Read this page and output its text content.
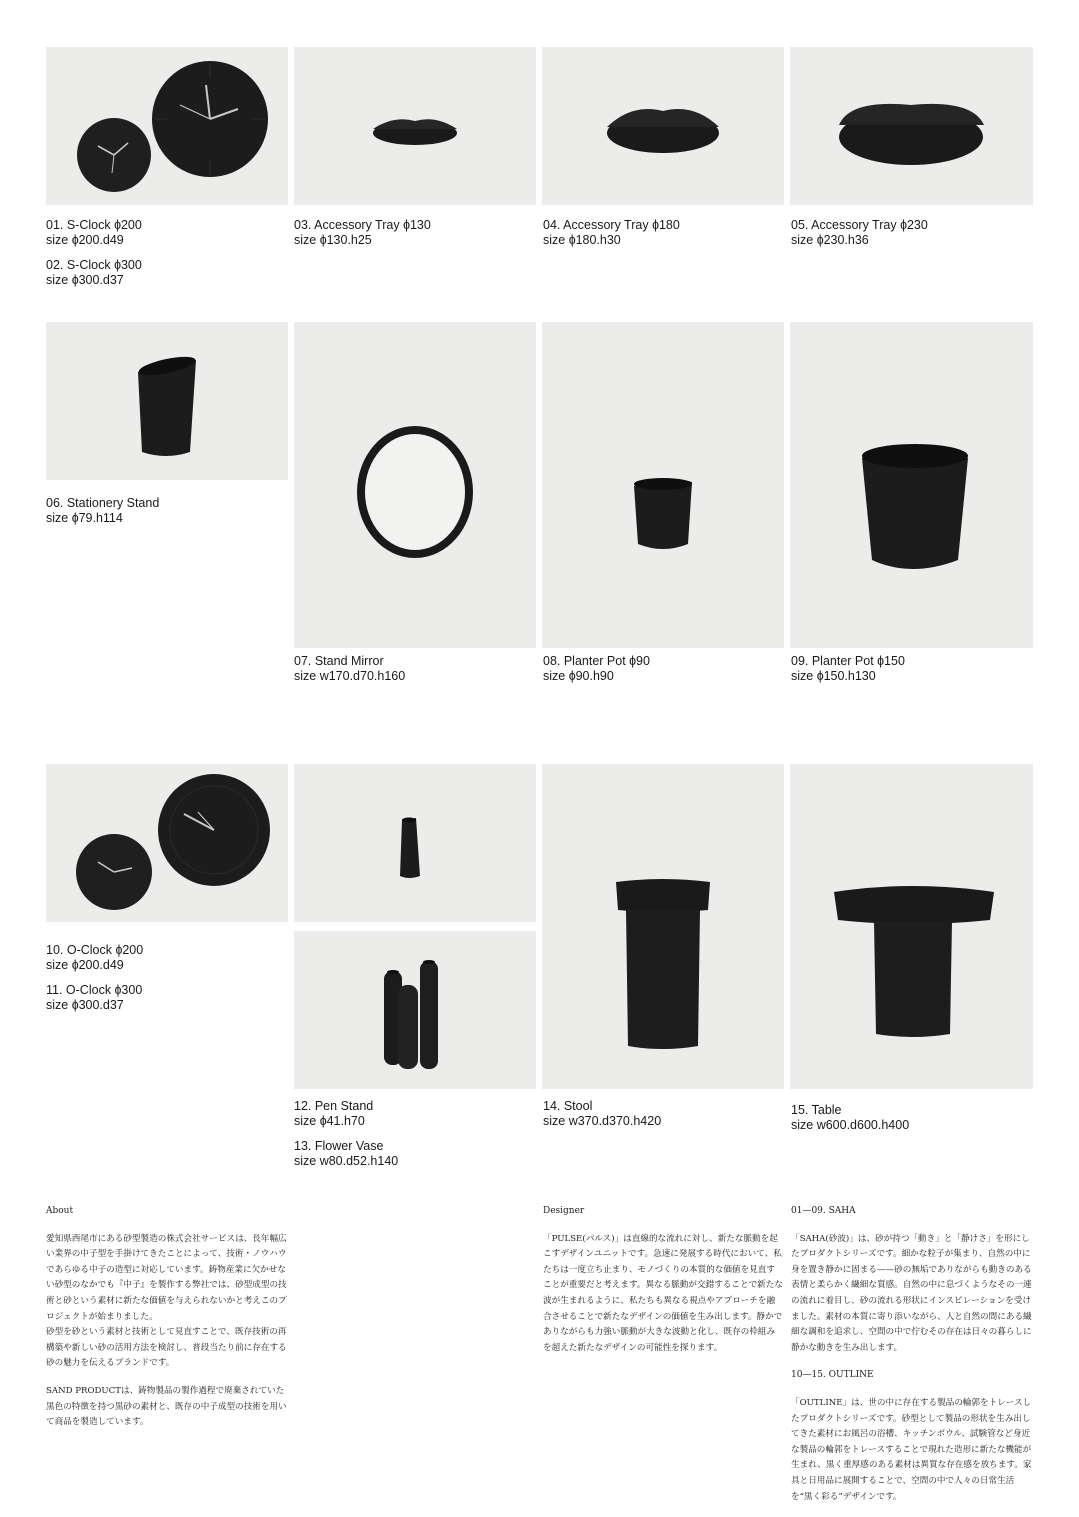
01. S-Clock ɸ200
size ɸ200.d49
02. S-Clock ɸ300
size ɸ300.d37
03. Accessory Tray ɸ130
size ɸ130.h25
04. Accessory Tray ɸ180
size ɸ180.h30
05. Accessory Tray ɸ230
size ɸ230.h36
06. Stationery Stand
size ɸ79.h114
07. Stand Mirror
size w170.d70.h160
08. Planter Pot ɸ90
size ɸ90.h90
09. Planter Pot ɸ150
size ɸ150.h130
10. O-Clock ɸ200
size ɸ200.d49
11. O-Clock ɸ300
size ɸ300.d37
12. Pen Stand
size ɸ41.h70
13. Flower Vase
size w80.d52.h140
14. Stool
size w370.d370.h420
15. Table
size w600.d600.h400
About

愛知県西尾市にある砂型製造の株式会社サービスは、長年幅広い業界の中子型を手掛けてきたことによって、技術・ノウハウであらゆる中子の造型に対応しています。鋳物産業に欠かせない砂型のなかでも『中子』を製作する弊社では、砂型成型の技術と砂という素材に新たな価値を与えられないかと考えこのプロジェクトが始まりました。

砂型を砂という素材と技術として見直すことで、既存技術の再構築や新しい砂の活用方法を検討し、普段当たり前に存在する砂の魅力を伝えるブランドです。

SAND PRODUCTは、鋳物製品の製作過程で廃棄されていた黒色の特徴を持つ黒砂の素材と、既存の中子成型の技術を用いて商品を製造しています。

Designer

「PULSE(パルス)」は直線的な流れに対し、新たな脈動を起こすデザインユニットです。急速に発展する時代において、私たちは一度立ち止まり、モノづくりの本質的な価値を見直すことが重要だと考えます。異なる脈動が交錯することで新たな波が生まれるように、私たちも異なる視点やアプローチを融合させることで新たなデザインの価値を生み出します。静かでありながらも力強い脈動が大きな波動と化し、既存の枠組みを超えた新たなデザインの可能性を探ります。

01—09. SAHA

「SAHA(砂波)」は、砂が持つ「動き」と「静けさ」を形にしたプロダクトシリーズです。細かな粒子が集まり、自然の中に身を置き静かに固まる——砂の無垢でありながらも動きのある表情と柔らかく繊細な質感。自然の中に息づくようなその一連の流れに着目し、砂の流れる形状にインスピレーションを受けました。素材の本質に寄り添いながら、人と自然の間にある繊細な調和を追求し、空間の中で佇むその存在は日々の暮らしに静かな動きを生み出します。

10—15. OUTLINE

「OUTLINE」は、世の中に存在する製品の輪郭をトレースしたプロダクトシリーズです。砂型として製品の形状を生み出してきた素材にお風呂の浴槽、キッチンボウル、試験管など身近な製品の輪郭をトレースすることで現れた造形に新たな機能が生まれ、黒く重厚感のある素材は異質な存在感を放ちます。家具と日用品に展開することで、空間の中で人々の日常生活を“黒く彩る”デザインです。
